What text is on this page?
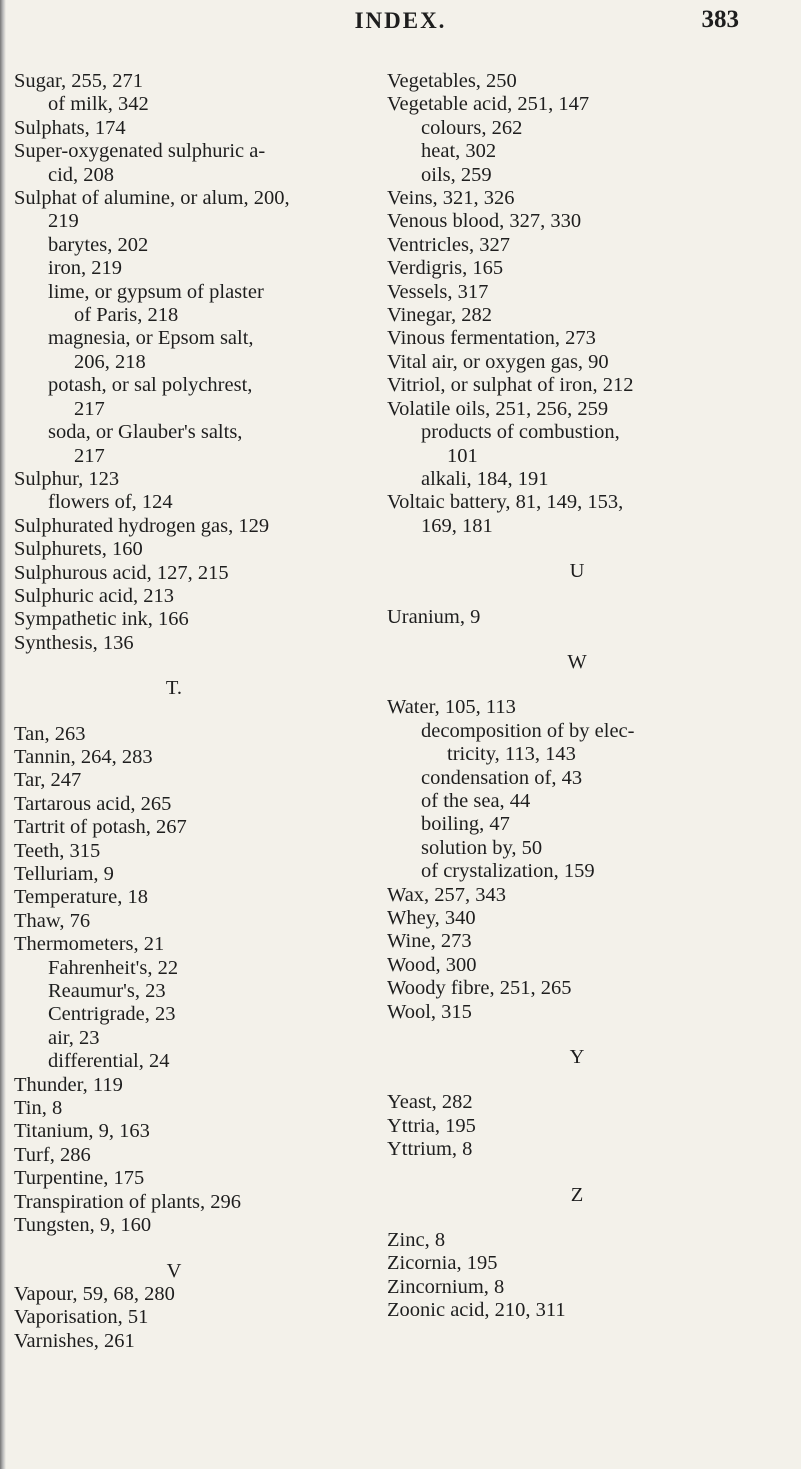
INDEX.	383
Sugar, 255, 271
of milk, 342
Sulphats, 174
Super-oxygenated sulphuric a-
cid, 208
Sulphat of alumine, or alum, 200,
219
barytes, 202
iron, 219
lime, or gypsum of plaster
of Paris, 218
magnesia, or Epsom salt,
206, 218
potash, or sal polychrest,
217
soda, or Glauber's salts,
217
Sulphur, 123
flowers of, 124
Sulphurated hydrogen gas, 129
Sulphurets, 160
Sulphurous acid, 127, 215
Sulphuric acid, 213
Sympathetic ink, 166
Synthesis, 136
T.
Tan, 263
Tannin, 264, 283
Tar, 247
Tartarous acid, 265
Tartrit of potash, 267
Teeth, 315
Telluriam, 9
Temperature, 18
Thaw, 76
Thermometers, 21
Fahrenheit's, 22
Reaumur's, 23
Centrigrade, 23
air, 23
differential, 24
Thunder, 119
Tin, 8
Titanium, 9, 163
Turf, 286
Turpentine, 175
Transpiration of plants, 296
Tungsten, 9, 160
V
Vapour, 59, 68, 280
Vaporisation, 51
Varnishes, 261
Vegetables, 250
Vegetable acid, 251, 147
colours, 262
heat, 302
oils, 259
Veins, 321, 326
Venous blood, 327, 330
Ventricles, 327
Verdigris, 165
Vessels, 317
Vinegar, 282
Vinous fermentation, 273
Vital air, or oxygen gas, 90
Vitriol, or sulphat of iron, 212
Volatile oils, 251, 256, 259
products of combustion,
101
alkali, 184, 191
Voltaic battery, 81, 149, 153,
169, 181
U
Uranium, 9
W
Water, 105, 113
decomposition of by elec-
tricity, 113, 143
condensation of, 43
of the sea, 44
boiling, 47
solution by, 50
of crystalization, 159
Wax, 257, 343
Whey, 340
Wine, 273
Wood, 300
Woody fibre, 251, 265
Wool, 315
Y
Yeast, 282
Yttria, 195
Yttrium, 8
Z
Zinc, 8
Zicornia, 195
Zincornium, 8
Zoonic acid, 210, 311
